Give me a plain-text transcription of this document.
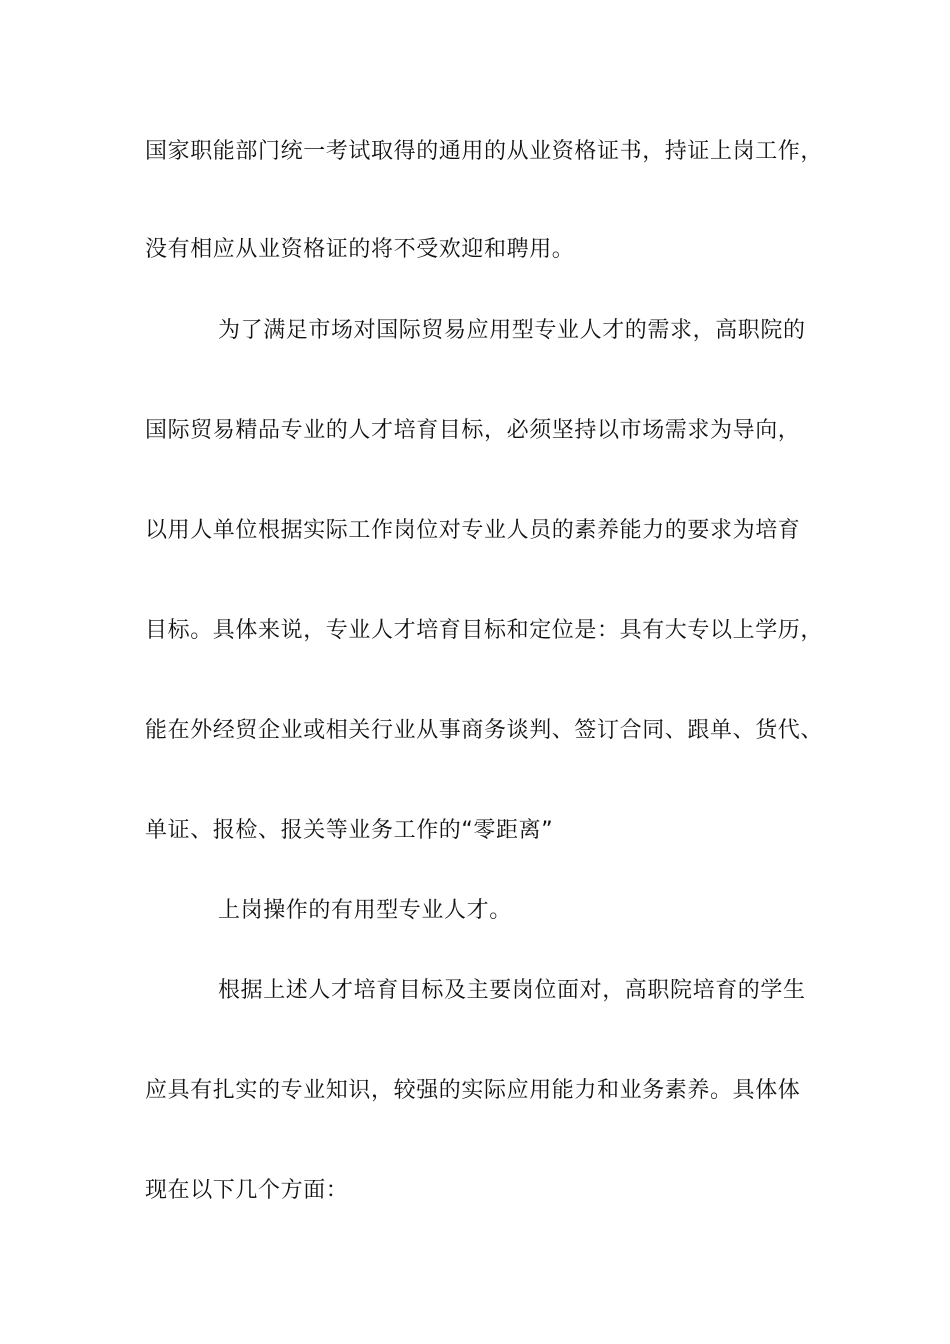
国家职能部门统一考试取得的通用的从业资格证书，持证上岗工作，

没有相应从业资格证的将不受欢迎和聘用。

为了满足市场对国际贸易应用型专业人才的需求，高职院的

国际贸易精品专业的人才培育目标，必须坚持以市场需求为导向，

以用人单位根据实际工作岗位对专业人员的素养能力的要求为培育

目标。具体来说，专业人才培育目标和定位是：具有大专以上学历，

能在外经贸企业或相关行业从事商务谈判、签订合同、跟单、货代、

单证、报检、报关等业务工作的“零距离”

上岗操作的有用型专业人才。

根据上述人才培育目标及主要岗位面对，高职院培育的学生

应具有扎实的专业知识，较强的实际应用能力和业务素养。具体体

现在以下几个方面：
